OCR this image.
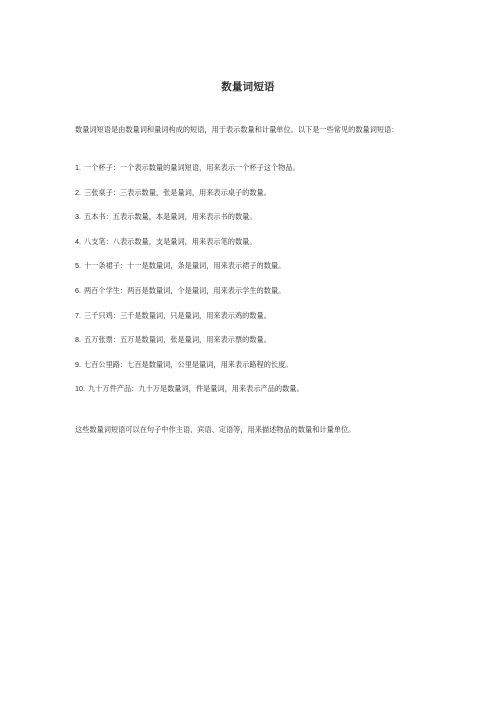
数量词短语

数量词短语是由数量词和量词构成的短语，用于表示数量和计量单位。以下是一些常见的数量词短语：

1. 一个杯子：一个表示数量的量词短语，用来表示一个杯子这个物品。
2. 三张桌子：三表示数量，张是量词，用来表示桌子的数量。
3. 五本书：五表示数量，本是量词，用来表示书的数量。
4. 八支笔：八表示数量，支是量词，用来表示笔的数量。
5. 十一条裙子：十一是数量词，条是量词，用来表示裙子的数量。
6. 两百个学生：两百是数量词，个是量词，用来表示学生的数量。
7. 三千只鸡：三千是数量词，只是量词，用来表示鸡的数量。
8. 五万张票：五万是数量词，张是量词，用来表示票的数量。
9. 七百公里路：七百是数量词，公里是量词，用来表示路程的长度。
10. 九十万件产品：九十万是数量词，件是量词，用来表示产品的数量。

这些数量词短语可以在句子中作主语、宾语、定语等，用来描述物品的数量和计量单位。
